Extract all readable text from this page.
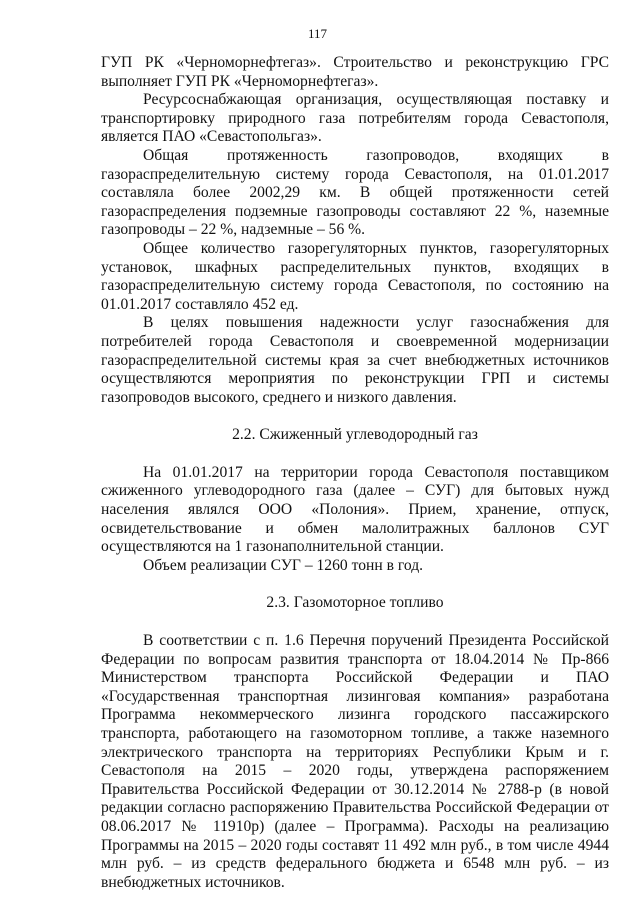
117

ГУП РК «Черноморнефтегаз». Строительство и реконструкцию ГРС выполняет ГУП РК «Черноморнефтегаз».

Ресурсоснабжающая организация, осуществляющая поставку и транспортировку природного газа потребителям города Севастополя, является ПАО «Севастопольгаз».

Общая протяженность газопроводов, входящих в газораспределительную систему города Севастополя, на 01.01.2017 составляла более 2002,29 км. В общей протяженности сетей газораспределения подземные газопроводы составляют 22 %, наземные газопроводы – 22 %, надземные – 56 %.

Общее количество газорегуляторных пунктов, газорегуляторных установок, шкафных распределительных пунктов, входящих в газораспределительную систему города Севастополя, по состоянию на 01.01.2017 составляло 452 ед.

В целях повышения надежности услуг газоснабжения для потребителей города Севастополя и своевременной модернизации газораспределительной системы края за счет внебюджетных источников осуществляются мероприятия по реконструкции ГРП и системы газопроводов высокого, среднего и низкого давления.

2.2. Сжиженный углеводородный газ

На 01.01.2017 на территории города Севастополя поставщиком сжиженного углеводородного газа (далее – СУГ) для бытовых нужд населения являлся ООО «Полония». Прием, хранение, отпуск, освидетельствование и обмен малолитражных баллонов СУГ осуществляются на 1 газонаполнительной станции.

Объем реализации СУГ – 1260 тонн в год.

2.3. Газомоторное топливо

В соответствии с п. 1.6 Перечня поручений Президента Российской Федерации по вопросам развития транспорта от 18.04.2014 № Пр-866 Министерством транспорта Российской Федерации и ПАО «Государственная транспортная лизинговая компания» разработана Программа некоммерческого лизинга городского пассажирского транспорта, работающего на газомоторном топливе, а также наземного электрического транспорта на территориях Республики Крым и г. Севастополя на 2015 – 2020 годы, утверждена распоряжением Правительства Российской Федерации от 30.12.2014 № 2788-р (в новой редакции согласно распоряжению Правительства Российской Федерации от 08.06.2017 № 11910р) (далее – Программа). Расходы на реализацию Программы на 2015 – 2020 годы составят 11 492 млн руб., в том числе 4944 млн руб. – из средств федерального бюджета и 6548 млн руб. – из внебюджетных источников.
